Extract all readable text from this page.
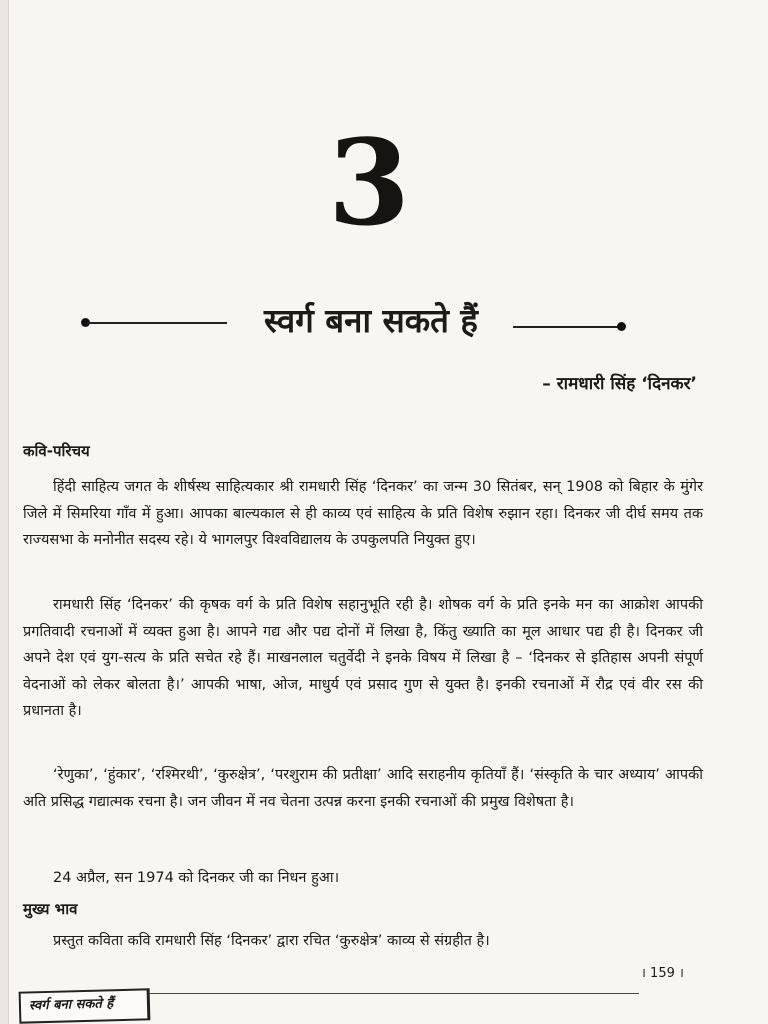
3
स्वर्ग बना सकते हैं
– रामधारी सिंह ‘दिनकर’
कवि-परिचय

हिंदी साहित्य जगत के शीर्षस्थ साहित्यकार श्री रामधारी सिंह ‘दिनकर’ का जन्म 30 सितंबर, सन् 1908 को बिहार के मुंगेर जिले में सिमरिया गाँव में हुआ। आपका बाल्यकाल से ही काव्य एवं साहित्य के प्रति विशेष रुझान रहा। दिनकर जी दीर्घ समय तक राज्यसभा के मनोनीत सदस्य रहे। ये भागलपुर विश्वविद्यालय के उपकुलपति नियुक्त हुए।

रामधारी सिंह ‘दिनकर’ की कृषक वर्ग के प्रति विशेष सहानुभूति रही है। शोषक वर्ग के प्रति इनके मन का आक्रोश आपकी प्रगतिवादी रचनाओं में व्यक्त हुआ है। आपने गद्य और पद्य दोनों में लिखा है, किंतु ख्याति का मूल आधार पद्य ही है। दिनकर जी अपने देश एवं युग-सत्य के प्रति सचेत रहे हैं। माखनलाल चतुर्वेदी ने इनके विषय में लिखा है – ‘दिनकर से इतिहास अपनी संपूर्ण वेदनाओं को लेकर बोलता है।’ आपकी भाषा, ओज, माधुर्य एवं प्रसाद गुण से युक्त है। इनकी रचनाओं में रौद्र एवं वीर रस की प्रधानता है।

‘रेणुका’, ‘हुंकार’, ‘रश्मिरथी’, ‘कुरुक्षेत्र’, ‘परशुराम की प्रतीक्षा’ आदि सराहनीय कृतियाँ हैं। ‘संस्कृति के चार अध्याय’ आपकी अति प्रसिद्ध गद्यात्मक रचना है। जन जीवन में नव चेतना उत्पन्न करना इनकी रचनाओं की प्रमुख विशेषता है।

24 अप्रैल, सन 1974 को दिनकर जी का निधन हुआ।

मुख्य भाव

प्रस्तुत कविता कवि रामधारी सिंह ‘दिनकर’ द्वारा रचित ‘कुरुक्षेत्र’ काव्य से संग्रहीत है।

। 159 ।
स्वर्ग बना सकते हैं
